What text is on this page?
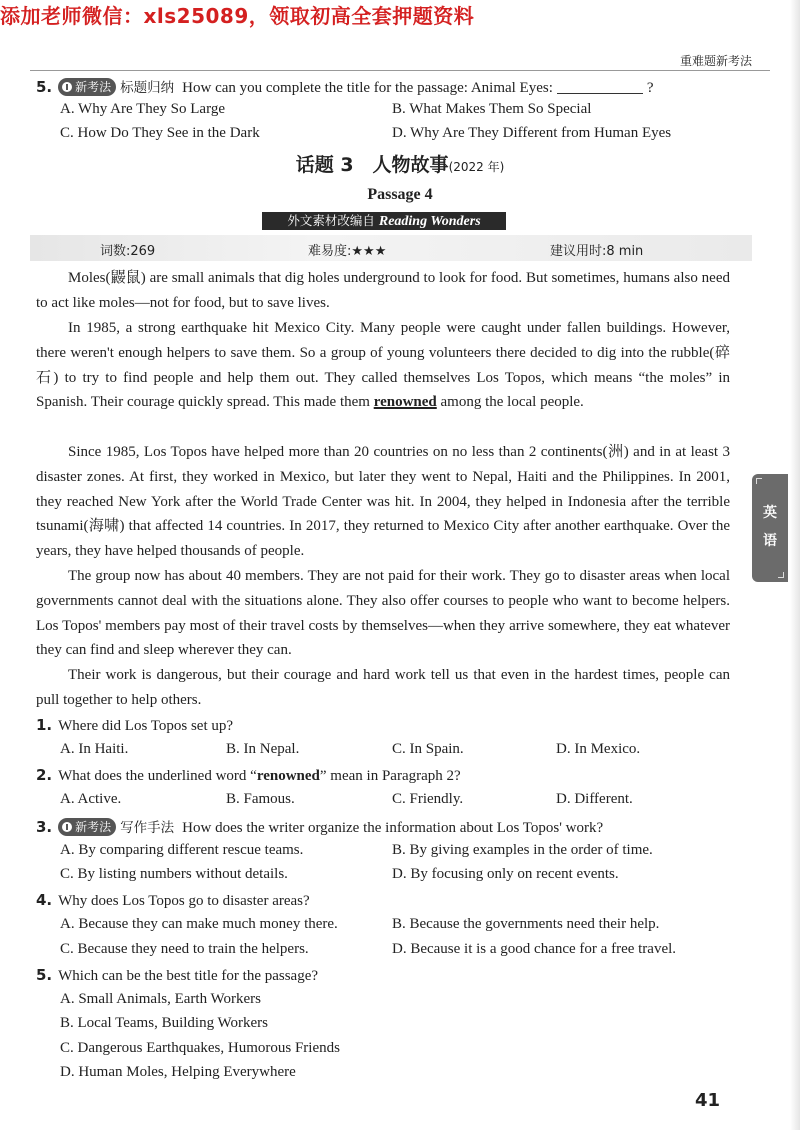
添加老师微信：xls25089，领取初高全套押题资料
重难题新考法
5. 新考法 标题归纳 How can you complete the title for the passage: Animal Eyes:	?
A. Why Are They So Large	B. What Makes Them So Special
C. How Do They See in the Dark	D. Why Are They Different from Human Eyes
话题 3　人物故事(2022 年)
Passage 4
外文素材改编自 Reading Wonders
词数:269	难易度:★★★	建议用时:8 min
Moles(鼹鼠) are small animals that dig holes underground to look for food. But sometimes, humans also need to act like moles—not for food, but to save lives.
In 1985, a strong earthquake hit Mexico City. Many people were caught under fallen buildings. However, there weren't enough helpers to save them. So a group of young volunteers there decided to dig into the rubble(碎石) to try to find people and help them out. They called themselves Los Topos, which means “the moles” in Spanish. Their courage quickly spread. This made them renowned among the local people.
Since 1985, Los Topos have helped more than 20 countries on no less than 2 continents(洲) and in at least 3 disaster zones. At first, they worked in Mexico, but later they went to Nepal, Haiti and the Philippines. In 2001, they reached New York after the World Trade Center was hit. In 2004, they helped in Indonesia after the terrible tsunami(海啸) that affected 14 countries. In 2017, they returned to Mexico City after another earthquake. Over the years, they have helped thousands of people.
The group now has about 40 members. They are not paid for their work. They go to disaster areas when local governments cannot deal with the situations alone. They also offer courses to people who want to become helpers. Los Topos' members pay most of their travel costs by themselves—when they arrive somewhere, they eat whatever they can find and sleep wherever they can.
Their work is dangerous, but their courage and hard work tell us that even in the hardest times, people can pull together to help others.
1. Where did Los Topos set up?
A. In Haiti.	B. In Nepal.	C. In Spain.	D. In Mexico.
2. What does the underlined word “renowned” mean in Paragraph 2?
A. Active.	B. Famous.	C. Friendly.	D. Different.
3. 新考法 写作手法 How does the writer organize the information about Los Topos' work?
A. By comparing different rescue teams.	B. By giving examples in the order of time.
C. By listing numbers without details.	D. By focusing only on recent events.
4. Why does Los Topos go to disaster areas?
A. Because they can make much money there.	B. Because the governments need their help.
C. Because they need to train the helpers.	D. Because it is a good chance for a free travel.
5. Which can be the best title for the passage?
A. Small Animals, Earth Workers
B. Local Teams, Building Workers
C. Dangerous Earthquakes, Humorous Friends
D. Human Moles, Helping Everywhere
英
语
41
